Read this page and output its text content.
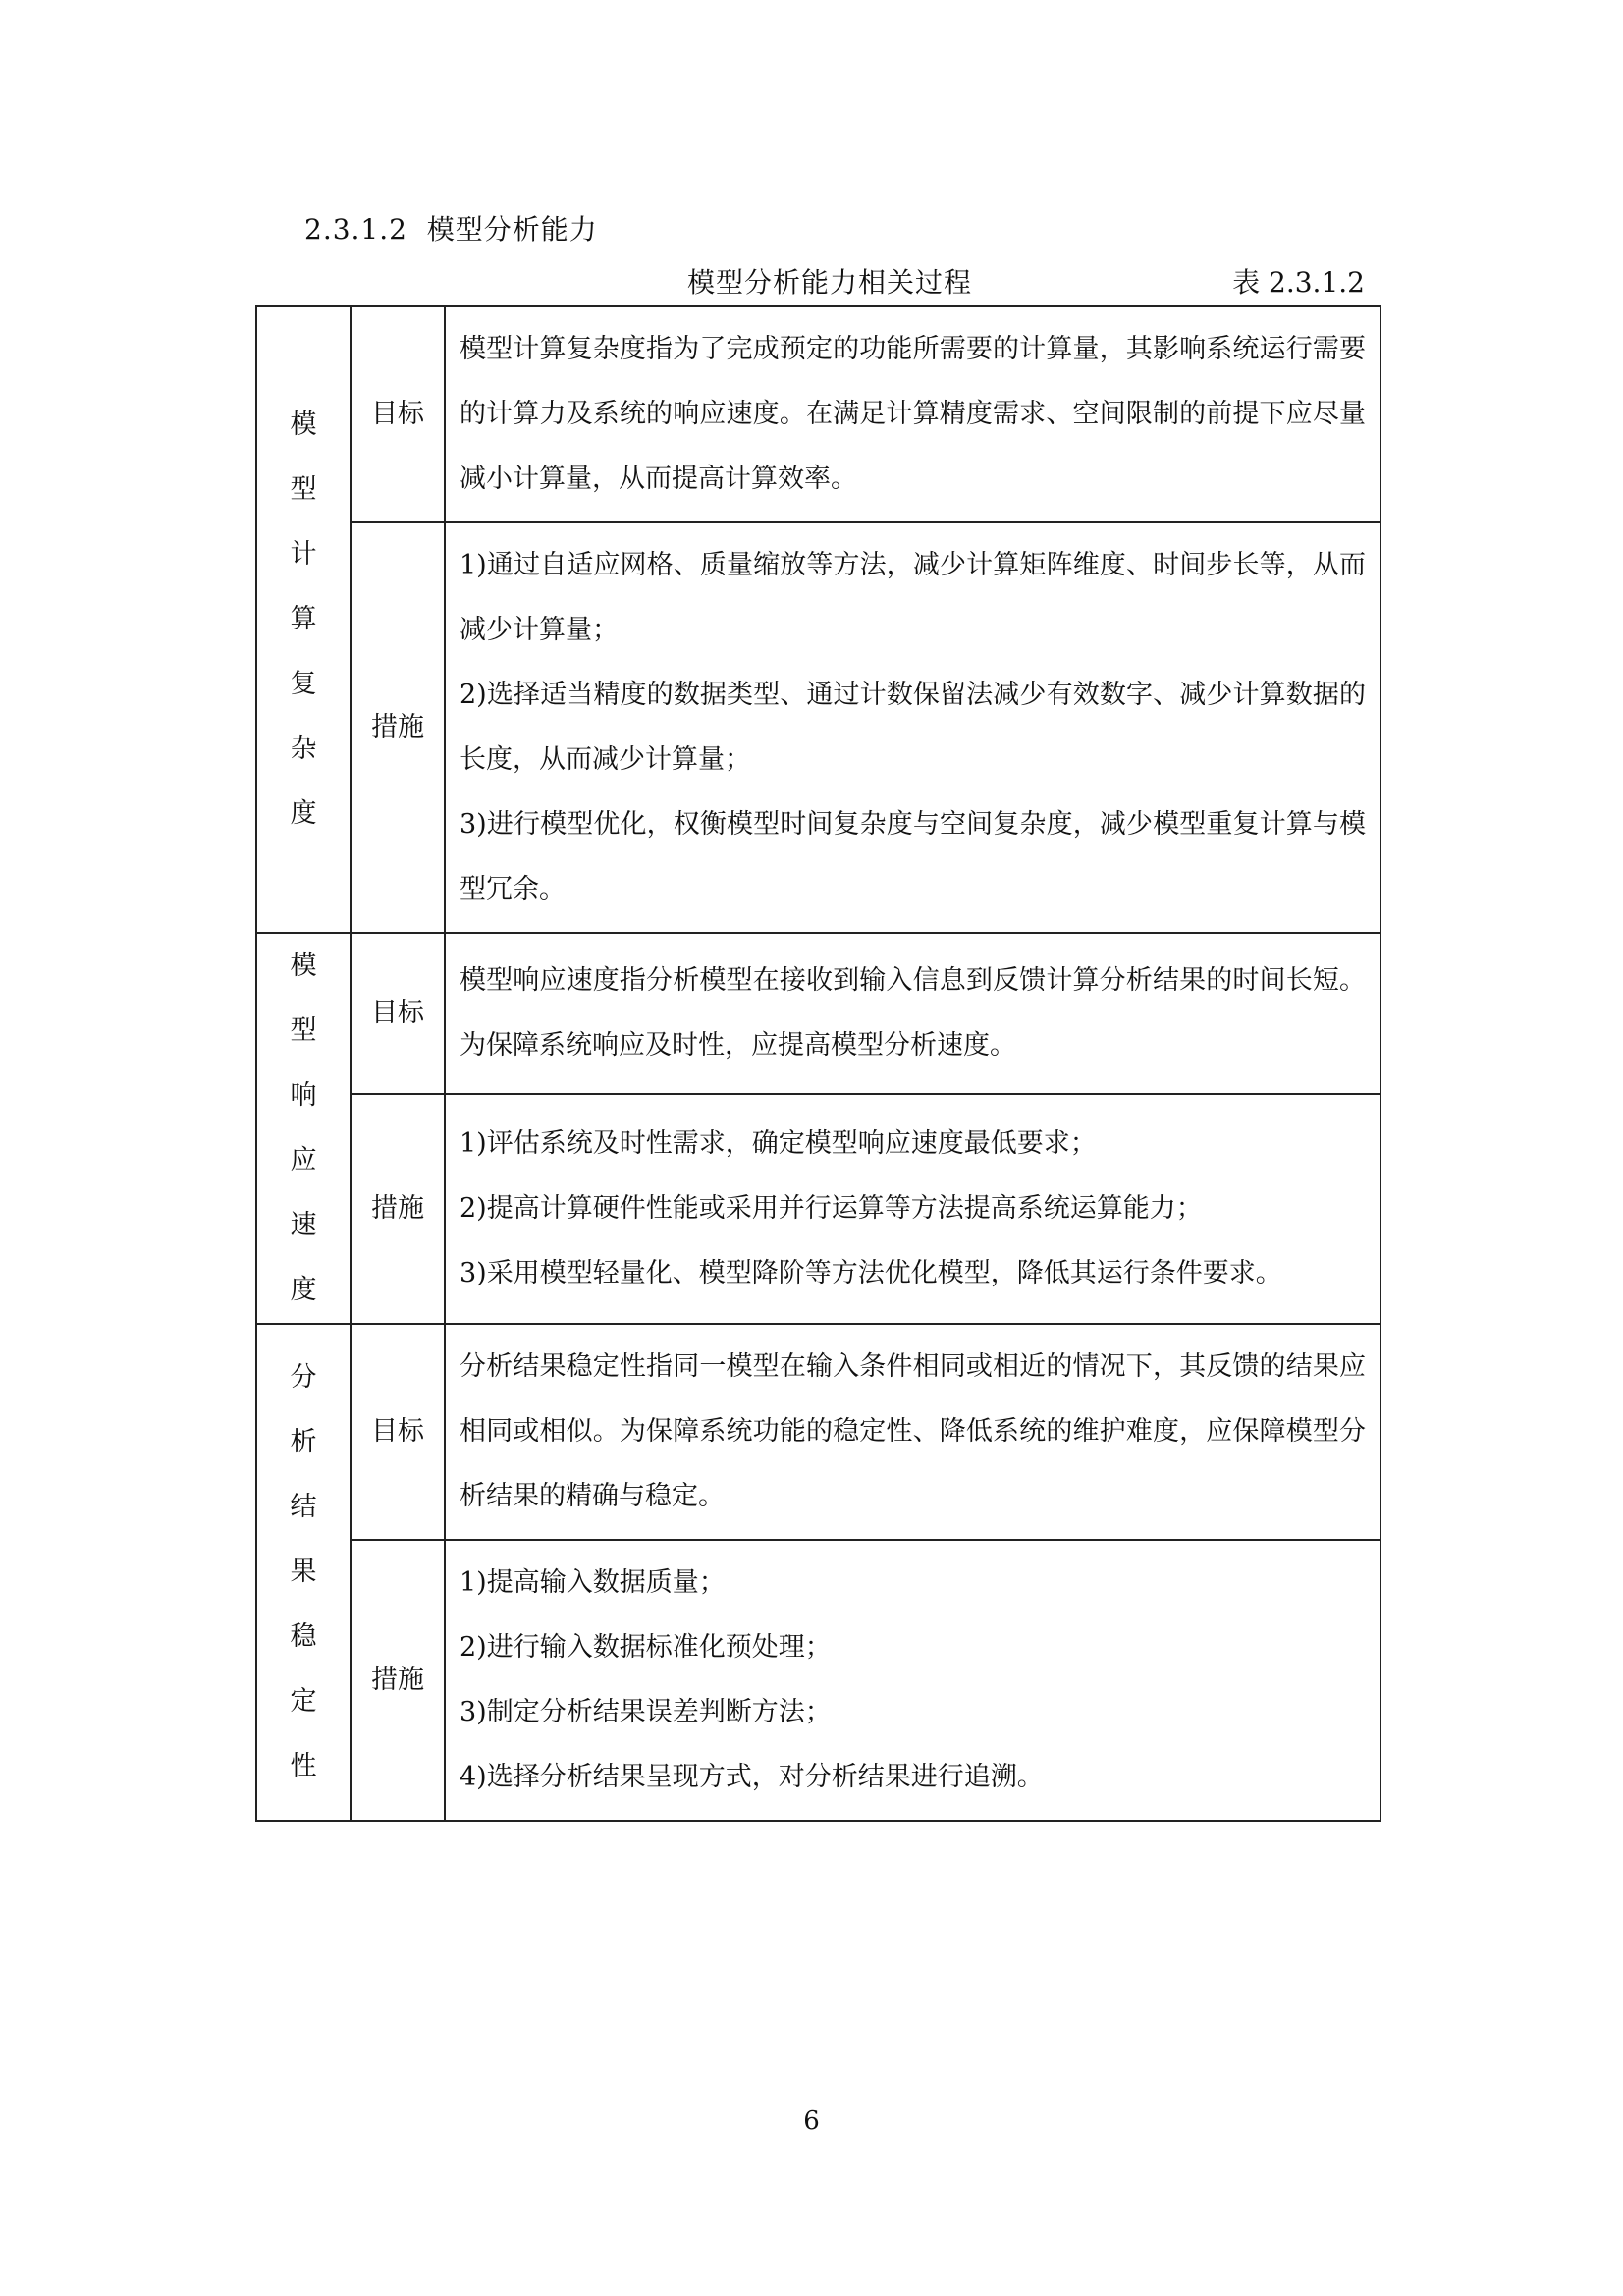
2.3.1.2 模型分析能力
模型分析能力相关过程	表 2.3.1.2
模型计算复杂度	目标	模型计算复杂度指为了完成预定的功能所需要的计算量，其影响系统运行需要的计算力及系统的响应速度。在满足计算精度需求、空间限制的前提下应尽量减小计算量，从而提高计算效率。

	措施	1)通过自适应网格、质量缩放等方法，减少计算矩阵维度、时间步长等，从而减少计算量；

2)选择适当精度的数据类型、通过计数保留法减少有效数字、减少计算数据的长度，从而减少计算量；

3)进行模型优化，权衡模型时间复杂度与空间复杂度，减少模型重复计算与模型冗余。

模型响应速度	目标	模型响应速度指分析模型在接收到输入信息到反馈计算分析结果的时间长短。为保障系统响应及时性，应提高模型分析速度。

	措施	1)评估系统及时性需求，确定模型响应速度最低要求；

2)提高计算硬件性能或采用并行运算等方法提高系统运算能力；

3)采用模型轻量化、模型降阶等方法优化模型，降低其运行条件要求。

分析结果稳定性	目标	分析结果稳定性指同一模型在输入条件相同或相近的情况下，其反馈的结果应相同或相似。为保障系统功能的稳定性、降低系统的维护难度，应保障模型分析结果的精确与稳定。

	措施	1)提高输入数据质量；

2)进行输入数据标准化预处理；

3)制定分析结果误差判断方法；

4)选择分析结果呈现方式，对分析结果进行追溯。

6
